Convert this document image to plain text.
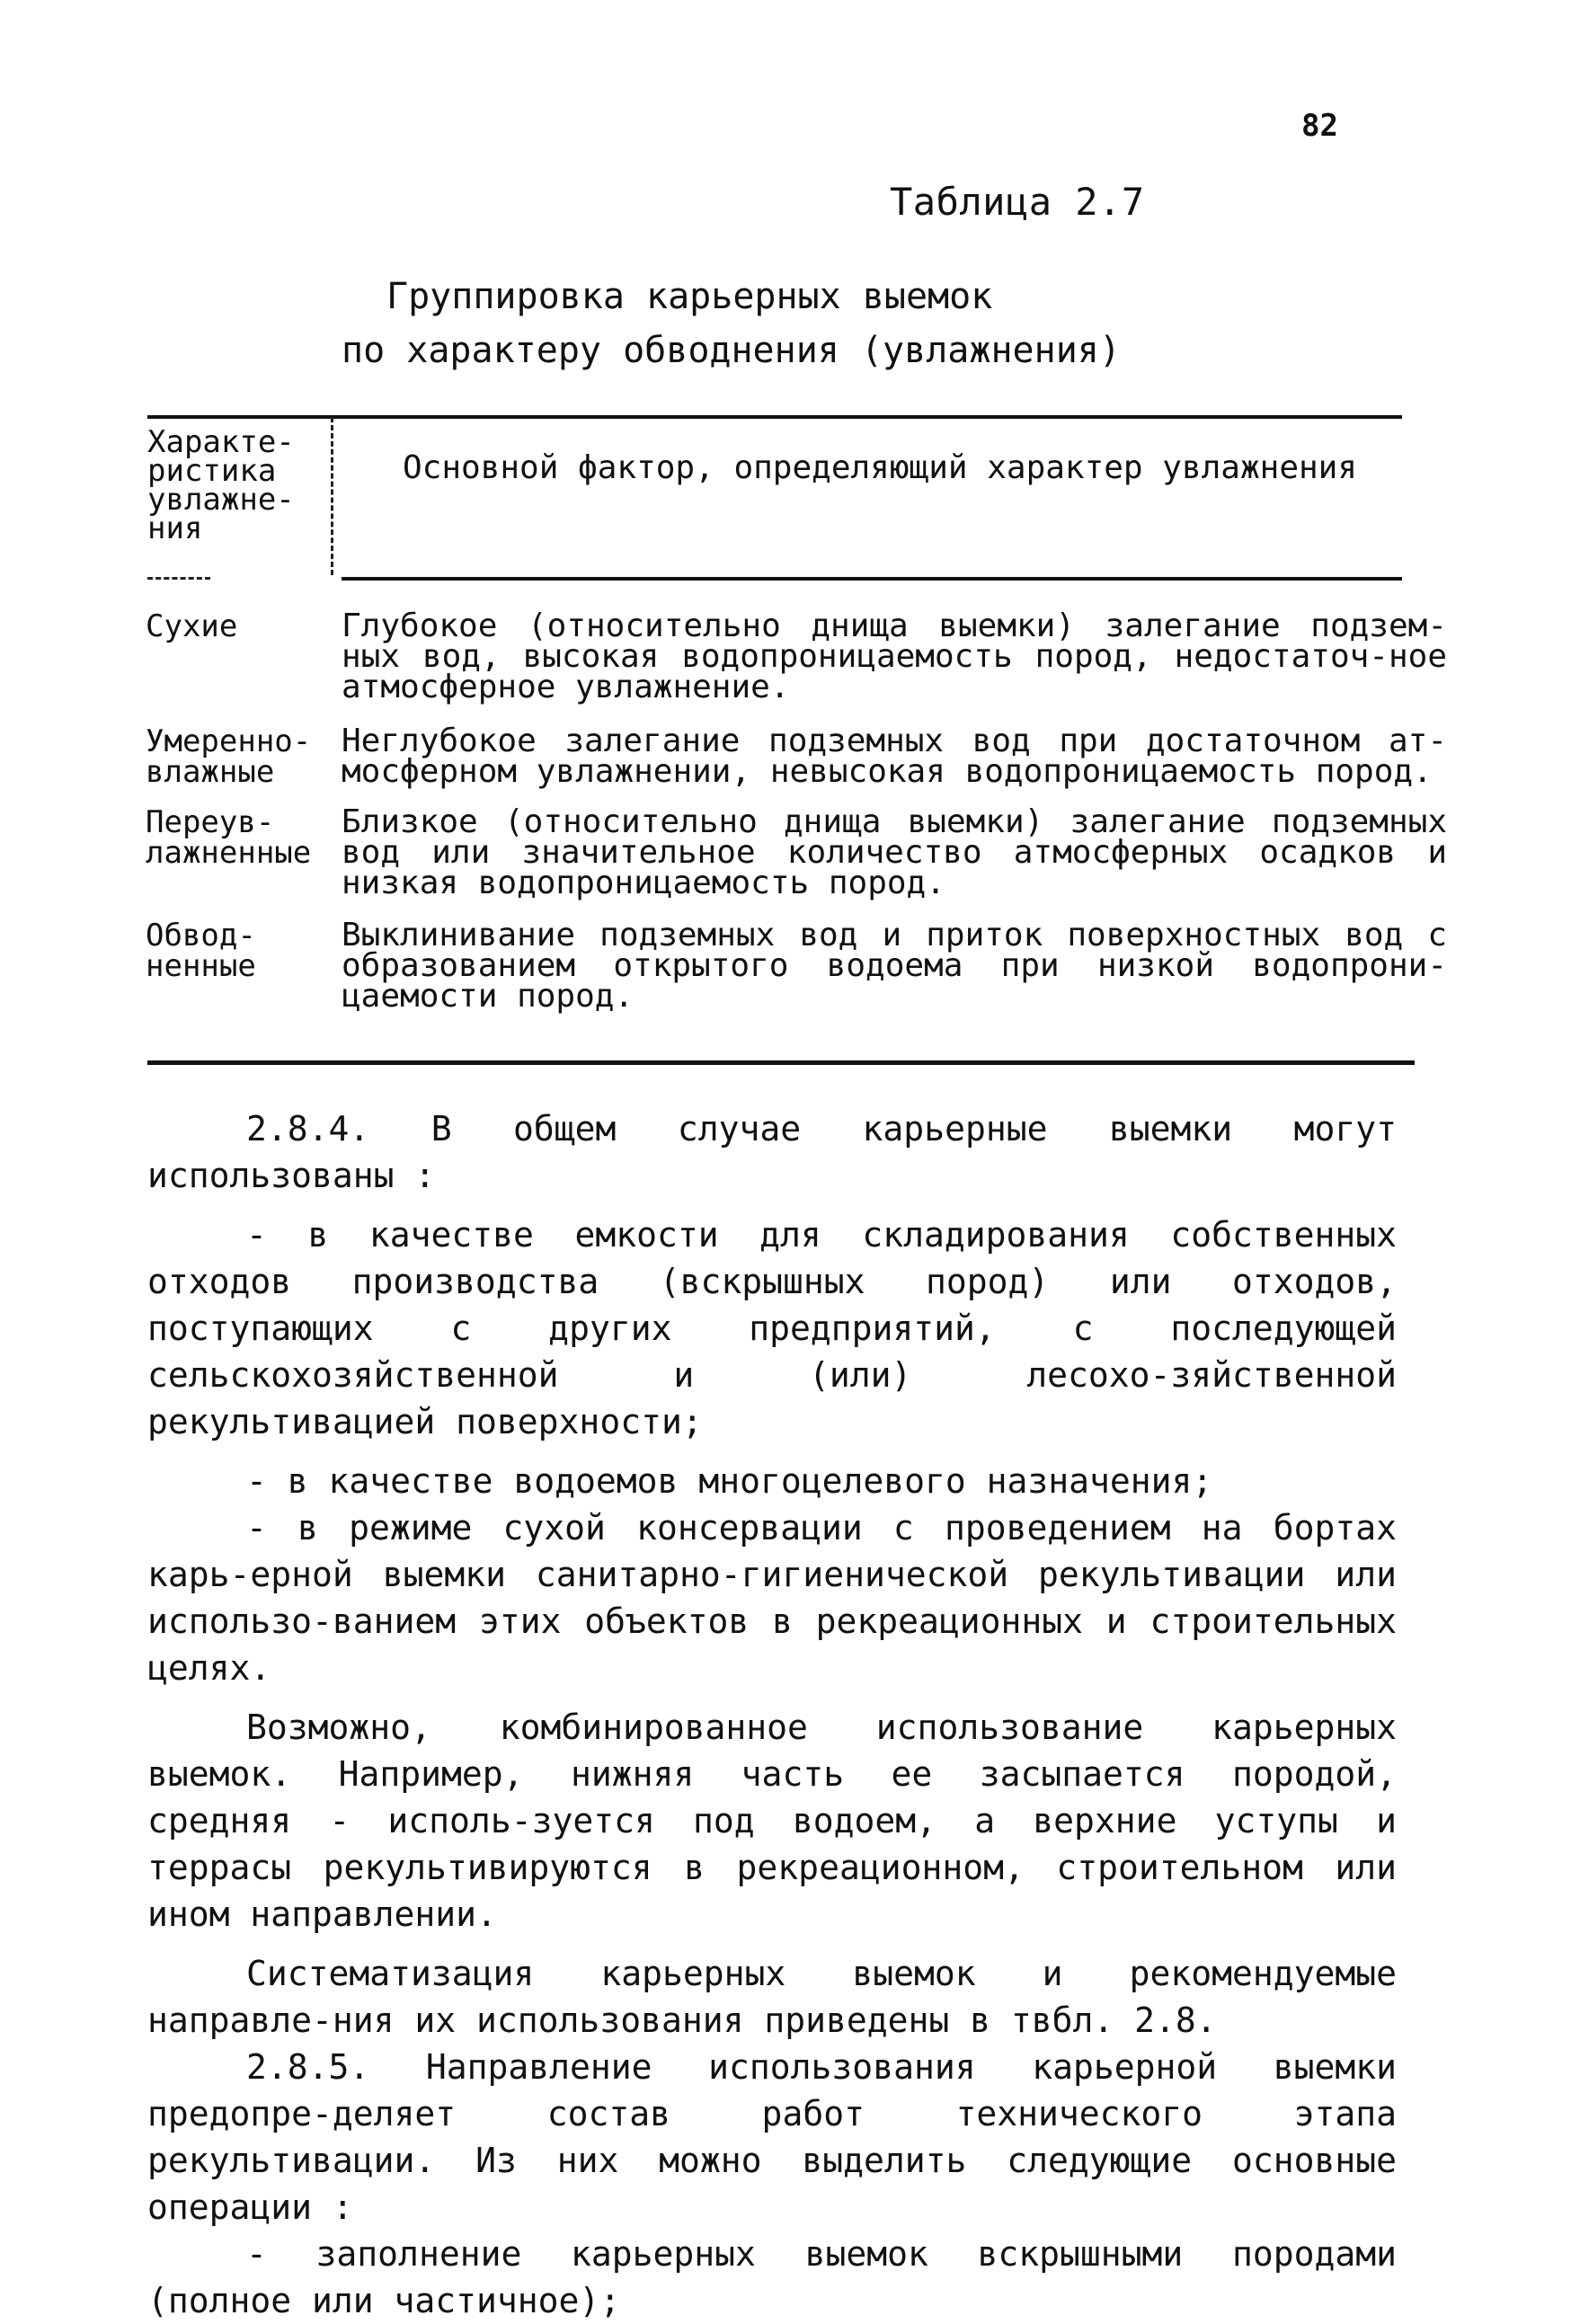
82
Таблица 2.7
Группировка карьерных выемок
по характеру обводнения (увлажнения)
Характе-
ристика
увлажне-
ния
Основной фактор, определяющий характер увлажнения
Сухие	Глубокое (относительно днища выемки) залегание подзем-ных вод, высокая водопроницаемость пород, недостаточ-ное атмосферное увлажнение.
Умеренно-
влажные
Неглубокое залегание подземных вод при достаточном ат-мосферном увлажнении, невысокая водопроницаемость пород.
Переув-
лажненные
Близкое (относительно днища выемки) залегание подземных вод или значительное количество атмосферных осадков и низкая водопроницаемость пород.
Обвод-
ненные
Выклинивание подземных вод и приток поверхностных вод с образованием открытого водоема при низкой водопрони-цаемости пород.

2.8.4. В общем случае карьерные выемки могут использованы :

- в качестве емкости для складирования собственных отходов производства (вскрышных пород) или отходов, поступающих с других предприятий, с последующей сельскохозяйственной и (или) лесохо-зяйственной рекультивацией поверхности;

- в качестве водоемов многоцелевого назначения;

- в режиме сухой консервации с проведением на бортах карь-ерной выемки санитарно-гигиенической рекультивации или использо-ванием этих объектов в рекреационных и строительных целях.

Возможно, комбинированное использование карьерных выемок. Например, нижняя часть ее засыпается породой, средняя - исполь-зуется под водоем, а верхние уступы и террасы рекультивируются в рекреационном, строительном или ином направлении.

Систематизация карьерных выемок и рекомендуемые направле-ния их использования приведены в твбл. 2.8.

2.8.5. Направление использования карьерной выемки предопре-деляет состав работ технического этапа рекультивации. Из них можно выделить следующие основные операции :

- заполнение карьерных выемок вскрышными породами (полное или частичное);
